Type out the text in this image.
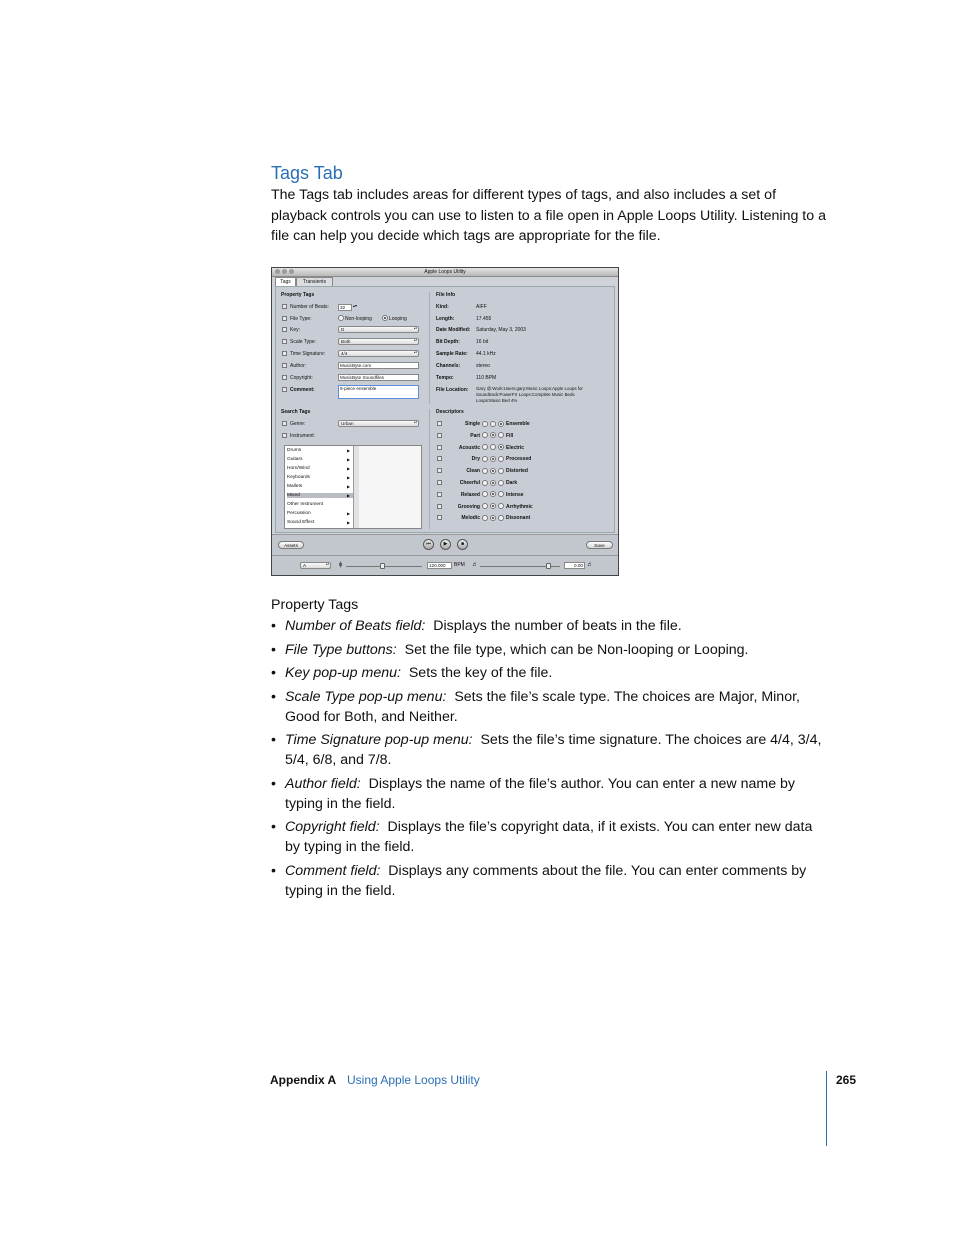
Tags Tab

The Tags tab includes areas for different types of tags, and also includes a set of playback controls you can use to listen to a file open in Apple Loops Utility. Listening to a file can help you decide which tags are appropriate for the file.

Apple Loops Utility
Tags	Transients
Property Tags
Number of Beats:	32	▴▾
File Type:	Non-looping	Looping
Key:	D ▴▾
Scale Type:	Both ▴▾
Time Signature:	4/4 ▴▾
Author:	MusicByte.com
Copyright:	MusicByte Soundfiles
Comment:	6-piece ensemble
File Info
Kind:	AIFF
Length:	17.455
Date Modified: Saturday, May 3, 2003
Bit Depth:	16 bit
Sample Rate: 44.1 kHz
Channels:	stereo
Tempo:	110 BPM
File Location: Gary @:Work:Users:gary:Music Loops:Apple Loops for
Soundtrack:PowerFX Loops:Complete Music Beds
Loops:Music Bed 4%
Search Tags
Genre:	Urban ▴▾
Instrument:
Drums	▶
Guitars	▶
Horn/Wind	▶
Keyboards	▶
Mallets	▶
Mixed	▶
Other Instrument
Percussion	▶
Sound Effect	▶
Descriptors
Single	Ensemble
Part	Fill
Acoustic	Electric
Dry	Processed
Clean	Distorted
Cheerful	Dark
Relaxed	Intense
Grooving	Arrhythmic
Melodic	Dissonant
Assets	⏮	▶	■	Save
A ▴▾	ϕ	120.000	BPM ♬	0.00 ♬
Property Tags
• Number of Beats field: Displays the number of beats in the file.
• File Type buttons: Set the file type, which can be Non-looping or Looping.
• Key pop-up menu: Sets the key of the file.
• Scale Type pop-up menu: Sets the file’s scale type. The choices are Major, Minor, Good for Both, and Neither.
• Time Signature pop-up menu: Sets the file’s time signature. The choices are 4/4, 3/4, 5/4, 6/8, and 7/8.
• Author field: Displays the name of the file’s author. You can enter a new name by typing in the field.
• Copyright field: Displays the file’s copyright data, if it exists. You can enter new data by typing in the field.
• Comment field: Displays any comments about the file. You can enter comments by typing in the field.
Appendix A Using Apple Loops Utility	265
